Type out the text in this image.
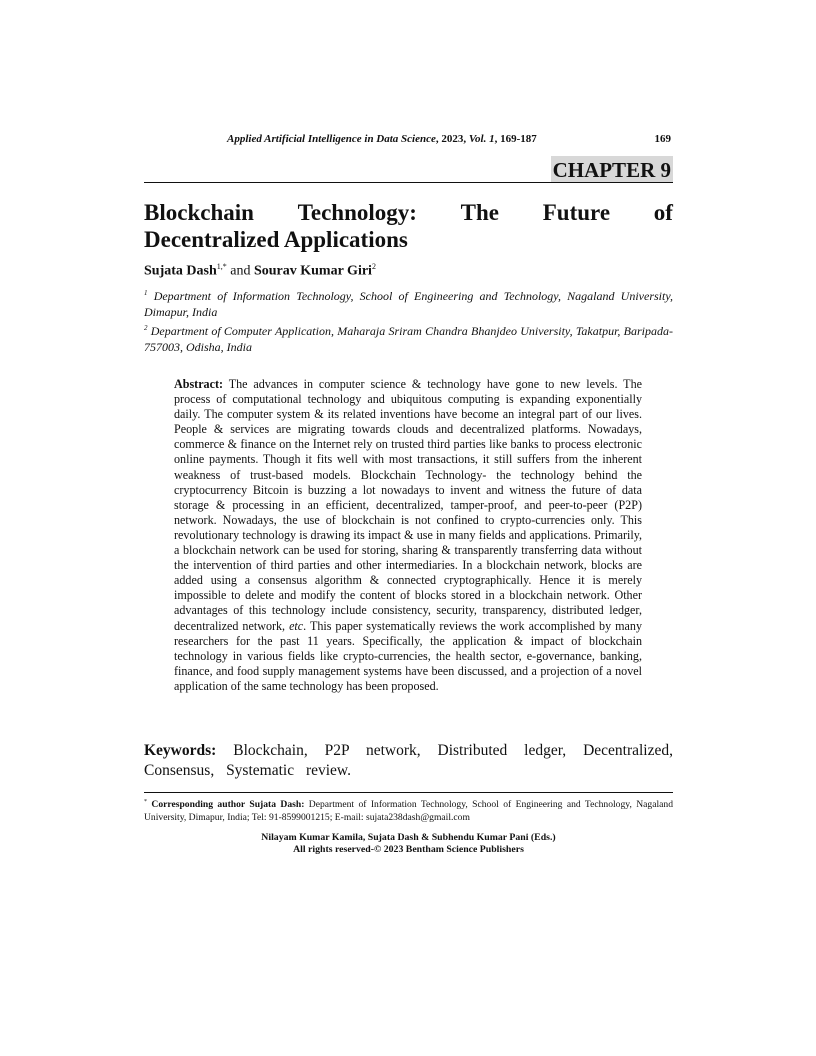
Applied Artificial Intelligence in Data Science, 2023, Vol. 1, 169-187	169
CHAPTER 9
Blockchain Technology: The Future of
Decentralized Applications
Sujata Dash$^{1,*}$ and Sourav Kumar Giri$^2$
$^1$ Department of Information Technology, School of Engineering and Technology, Nagaland University, Dimapur, India
$^2$ Department of Computer Application, Maharaja Sriram Chandra Bhanjdeo University, Takatpur, Baripada-757003, Odisha, India
Abstract: The advances in computer science & technology have gone to new levels. The process of computational technology and ubiquitous computing is expanding exponentially daily. The computer system & its related inventions have become an integral part of our lives. People & services are migrating towards clouds and decentralized platforms. Nowadays, commerce & finance on the Internet rely on trusted third parties like banks to process electronic online payments. Though it fits well with most transactions, it still suffers from the inherent weakness of trust-based models. Blockchain Technology- the technology behind the cryptocurrency Bitcoin is buzzing a lot nowadays to invent and witness the future of data storage & processing in an efficient, decentralized, tamper-proof, and peer-to-peer (P2P) network. Nowadays, the use of blockchain is not confined to crypto-currencies only. This revolutionary technology is drawing its impact & use in many fields and applications. Primarily, a blockchain network can be used for storing, sharing & transparently transferring data without the intervention of third parties and other intermediaries. In a blockchain network, blocks are added using a consensus algorithm & connected cryptographically. Hence it is merely impossible to delete and modify the content of blocks stored in a blockchain network. Other advantages of this technology include consistency, security, transparency, distributed ledger, decentralized network, etc. This paper systematically reviews the work accomplished by many researchers for the past 11 years. Specifically, the application & impact of blockchain technology in various fields like crypto-currencies, the health sector, e-governance, banking, finance, and food supply management systems have been discussed, and a projection of a novel application of the same technology has been proposed.
Keywords: Blockchain, P2P network, Distributed ledger, Decentralized, Consensus, Systematic review.
* Corresponding author Sujata Dash: Department of Information Technology, School of Engineering and Technology, Nagaland University, Dimapur, India; Tel: 91-8599001215; E-mail: sujata238dash@gmail.com
Nilayam Kumar Kamila, Sujata Dash & Subhendu Kumar Pani (Eds.)
All rights reserved-© 2023 Bentham Science Publishers
